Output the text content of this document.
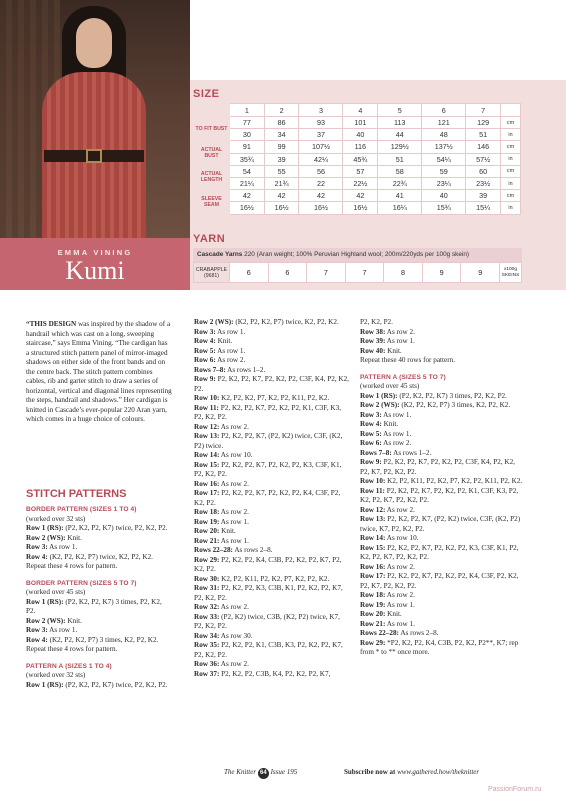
EMMA VINING
Kumi
SIZE
	1	2	3	4	5	6	7	
TO FIT BUST	77	86	93	101	113	121	129	cm
	30	34	37	40	44	48	51	in
ACTUAL BUST	91	99	107½	116	129½	137½	146	cm
	35¾	39	42¼	45¾	51	54¼	57½	in
ACTUAL LENGTH	54	55	56	57	58	59	60	cm
	21¼	21¾	22	22½	22¾	23¼	23½	in
SLEEVE SEAM	42	42	42	42	41	40	39	cm
	16½	16½	16½	16½	16¼	15¾	15¼	in
YARN
Cascade Yarns 220 (Aran weight; 100% Peruvian Highland wool; 200m/220yds per 100g skein)
CRABAPPLE (9681)	6	6	7	7	8	9	9	x100g SKEINS

“THIS DESIGN was inspired by the shadow of a handrail which was cast on a long, sweeping staircase,” says Emma Vining. “The cardigan has a structured stitch pattern panel of mirror-imaged shadows on either side of the front bands and on the centre back. The stitch pattern combines cables, rib and garter stitch to draw a series of horizontal, vertical and diagonal lines representing the steps, handrail and shadows.” Her cardigan is knitted in Cascade’s ever-popular 220 Aran yarn, which comes in a huge choice of colours.

STITCH PATTERNS

BORDER PATTERN (SIZES 1 TO 4)

(worked over 32 sts)

Row 1 (RS): (P2, K2, P2, K7) twice, P2, K2, P2.

Row 2 (WS): Knit.

Row 3: As row 1.

Row 4: (K2, P2, K2, P7) twice, K2, P2, K2.

Repeat these 4 rows for pattern.

BORDER PATTERN (SIZES 5 TO 7)

(worked over 45 sts)

Row 1 (RS): (P2, K2, P2, K7) 3 times, P2, K2, P2.

Row 2 (WS): Knit.

Row 3: As row 1.

Row 4: (K2, P2, K2, P7) 3 times, K2, P2, K2.

Repeat these 4 rows for pattern.

PATTERN A (SIZES 1 TO 4)

(worked over 32 sts)

Row 1 (RS): (P2, K2, P2, K7) twice, P2, K2, P2.

Row 2 (WS): (K2, P2, K2, P7) twice, K2, P2, K2.

Row 3: As row 1.

Row 4: Knit.

Row 5: As row 1.

Row 6: As row 2.

Rows 7–8: As rows 1–2.

Row 9: P2, K2, P2, K7, P2, K2, P2, C3F, K4, P2, K2, P2.

Row 10: K2, P2, K2, P7, K2, P2, K11, P2, K2.

Row 11: P2, K2, P2, K7, P2, K2, P2, K1, C3F, K3, P2, K2, P2.

Row 12: As row 2.

Row 13: P2, K2, P2, K7, (P2, K2) twice, C3F, (K2, P2) twice.

Row 14: As row 10.

Row 15: P2, K2, P2, K7, P2, K2, P2, K3, C3F, K1, P2, K2, P2.

Row 16: As row 2.

Row 17: P2, K2, P2, K7, P2, K2, P2, K4, C3F, P2, K2, P2.

Row 18: As row 2.

Row 19: As row 1.

Row 20: Knit.

Row 21: As row 1.

Rows 22–28: As rows 2–8.

Row 29: P2, K2, P2, K4, C3B, P2, K2, P2, K7, P2, K2, P2.

Row 30: K2, P2, K11, P2, K2, P7, K2, P2, K2.

Row 31: P2, K2, P2, K3, C3B, K1, P2, K2, P2, K7, P2, K2, P2.

Row 32: As row 2.

Row 33: (P2, K2) twice, C3B, (K2, P2) twice, K7, P2, K2, P2.

Row 34: As row 30.

Row 35: P2, K2, P2, K1, C3B, K3, P2, K2, P2, K7, P2, K2, P2.

Row 36: As row 2.

Row 37: P2, K2, P2, C3B, K4, P2, K2, P2, K7,

P2, K2, P2.

Row 38: As row 2.

Row 39: As row 1.

Row 40: Knit.

Repeat these 40 rows for pattern.

PATTERN A (SIZES 5 TO 7)

(worked over 45 sts)

Row 1 (RS): (P2, K2, P2, K7) 3 times, P2, K2, P2.

Row 2 (WS): (K2, P2, K2, P7) 3 times, K2, P2, K2.

Row 3: As row 1.

Row 4: Knit.

Row 5: As row 1.

Row 6: As row 2.

Rows 7–8: As rows 1–2.

Row 9: P2, K2, P2, K7, P2, K2, P2, C3F, K4, P2, K2, P2, K7, P2, K2, P2.

Row 10: K2, P2, K11, P2, K2, P7, K2, P2, K11, P2, K2.

Row 11: P2, K2, P2, K7, P2, K2, P2, K1, C3F, K3, P2, K2, P2, K7, P2, K2, P2.

Row 12: As row 2.

Row 13: P2, K2, P2, K7, (P2, K2) twice, C3F, (K2, P2) twice, K7, P2, K2, P2.

Row 14: As row 10.

Row 15: P2, K2, P2, K7, P2, K2, P2, K3, C3F, K1, P2, K2, P2, K7, P2, K2, P2.

Row 16: As row 2.

Row 17: P2, K2, P2, K7, P2, K2, P2, K4, C3F, P2, K2, P2, K7, P2, K2, P2.

Row 18: As row 2.

Row 19: As row 1.

Row 20: Knit.

Row 21: As row 1.

Rows 22–28: As rows 2–8.

Row 29: *P2, K2, P2, K4, C3B, P2, K2, P2**, K7; rep from * to ** once more.

The Knitter 64 Issue 195	Subscribe now at www.gathered.how/theknitter
PassionForum.ru
